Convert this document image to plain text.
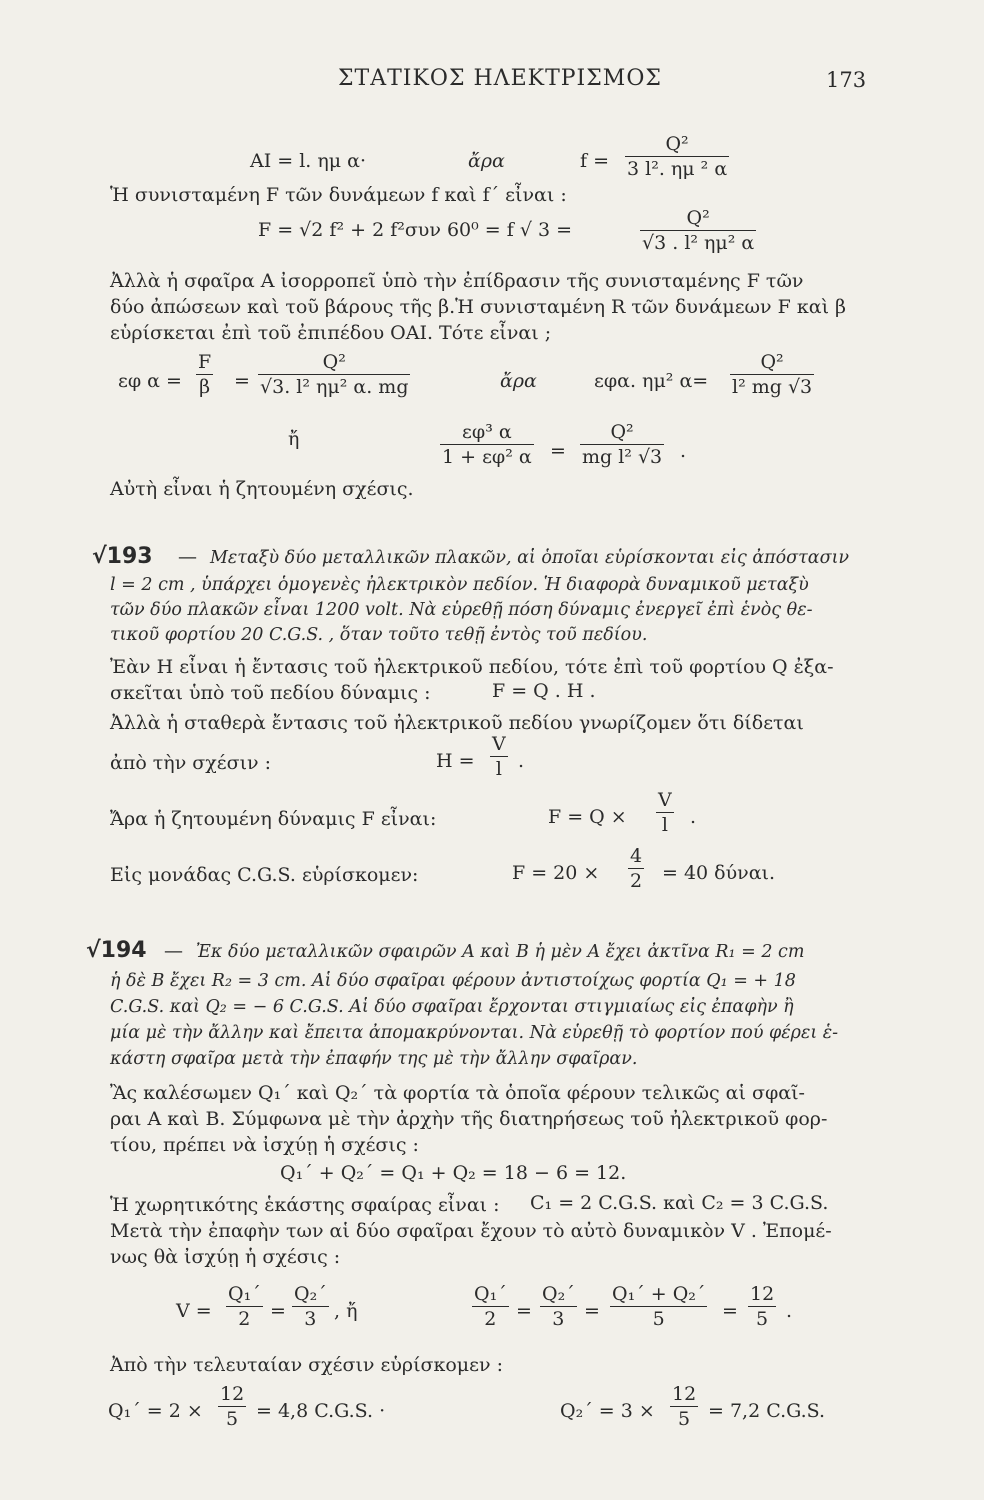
ΣΤΑΤΙΚΟΣ ΗΛΕΚΤΡΙΣΜΟΣ	173
AI = l. ημ α·	ἄρα	$f = \frac{\text{Q²}}{\text{3 l². ημ ² α}}$
Ἡ συνισταμένη F τῶν δυνάμεων f καὶ f΄ εἶναι :
F = √2 f² + 2 f²συν 60⁰ = f √ 3 =	$\frac{\text{Q²}}{\text{√3 . l² ημ² α}}$
Ἀλλὰ ἡ σφαῖρα A ἰσορροπεῖ ὑπὸ τὴν ἐπίδρασιν τῆς συνισταμένης F τῶν
δύο ἀπώσεων καὶ τοῦ βάρους τῆς β.Ἡ συνισταμένη R τῶν δυνάμεων F καὶ β
εὑρίσκεται ἐπὶ τοῦ ἐπιπέδου OAI. Τότε εἶναι ;
εφ $\alpha = \frac{F}{\beta} = \frac{\text{Q²}}{\text{√3. l² ημ² α. mg}}$	ἄρα	εφα. ημ² $\alpha= \frac{\text{Q²}}{\text{l² mg √3}}$
ἤ	$\frac{\text{εφ³ α}}{\text{1 + εφ² α}} = \frac{\text{Q²}}{\text{mg l² √3}}$ .
Αὐτὴ εἶναι ἡ ζητουμένη σχέσις.
√193 — Μεταξὺ δύο μεταλλικῶν πλακῶν, αἱ ὁποῖαι εὑρίσκονται εἰς ἀπόστασιν
l = 2 cm , ὑπάρχει ὁμογενὲς ἠλεκτρικὸν πεδίον. Ἡ διαφορὰ δυναμικοῦ μεταξὺ
τῶν δύο πλακῶν εἶναι 1200 volt. Νὰ εὑρεθῇ πόση δύναμις ἐνεργεῖ ἐπὶ ἑνὸς θε-
τικοῦ φορτίου 20 C.G.S. , ὅταν τοῦτο τεθῇ ἐντὸς τοῦ πεδίου.
Ἐὰν H εἶναι ἡ ἔντασις τοῦ ἠλεκτρικοῦ πεδίου, τότε ἐπὶ τοῦ φορτίου Q ἐξα-
σκεῖται ὑπὸ τοῦ πεδίου δύναμις :	F = Q . H .
Ἀλλὰ ἡ σταθερὰ ἔντασις τοῦ ἠλεκτρικοῦ πεδίου γνωρίζομεν ὅτι δίδεται
ἀπὸ τὴν σχέσιν :	$H = \frac{V}{l}$ .
Ἄρα ἡ ζητουμένη δύναμις F εἶναι:	$F = Q \times \frac{V}{l}$ .
Εἰς μονάδας C.G.S. εὑρίσκομεν:	$F = 20 \times \frac{4}{2} = 40$ δύναι.
√194 — Ἐκ δύο μεταλλικῶν σφαιρῶν A καὶ B ἡ μὲν A ἔχει ἀκτῖνα R₁ = 2 cm
ἡ δὲ B ἔχει R₂ = 3 cm. Αἱ δύο σφαῖραι φέρουν ἀντιστοίχως φορτία Q₁ = + 18
C.G.S. καὶ Q₂ = − 6 C.G.S. Αἱ δύο σφαῖραι ἔρχονται στιγμιαίως εἰς ἐπαφὴν ἢ
μία μὲ τὴν ἄλλην καὶ ἔπειτα ἀπομακρύνονται. Νὰ εὑρεθῇ τὸ φορτίον πού φέρει ἑ-
κάστη σφαῖρα μετὰ τὴν ἐπαφήν της μὲ τὴν ἄλλην σφαῖραν.
Ἂς καλέσωμεν Q₁΄ καὶ Q₂΄ τὰ φορτία τὰ ὁποῖα φέρουν τελικῶς αἱ σφαῖ-
ραι A καὶ B. Σύμφωνα μὲ τὴν ἀρχὴν τῆς διατηρήσεως τοῦ ἠλεκτρικοῦ φορ-
τίου, πρέπει νὰ ἰσχύῃ ἡ σχέσις :
Q₁΄ + Q₂΄ = Q₁ + Q₂ = 18 − 6 = 12.
Ἡ χωρητικότης ἑκάστης σφαίρας εἶναι : C₁ = 2 C.G.S. καὶ C₂ = 3 C.G.S.
Μετὰ τὴν ἐπαφὴν των αἱ δύο σφαῖραι ἔχουν τὸ αὐτὸ δυναμικὸν V . Ἐπομέ-
νως θὰ ἰσχύῃ ἡ σχέσις :
$V = \frac{\text{Q₁΄}}{2} = \frac{\text{Q₂΄}}{3}$ , ἤ	$\frac{\text{Q₁΄}}{2} = \frac{\text{Q₂΄}}{3} = \frac{\text{Q₁΄ + Q₂΄}}{5} = \frac{12}{5}$ .
Ἀπὸ τὴν τελευταίαν σχέσιν εὑρίσκομεν :
$Q_1΄ = 2 \times \frac{12}{5} = 4,8$ C.G.S. ·	$Q_2΄ = 3 \times \frac{12}{5} = 7,2$ C.G.S.
